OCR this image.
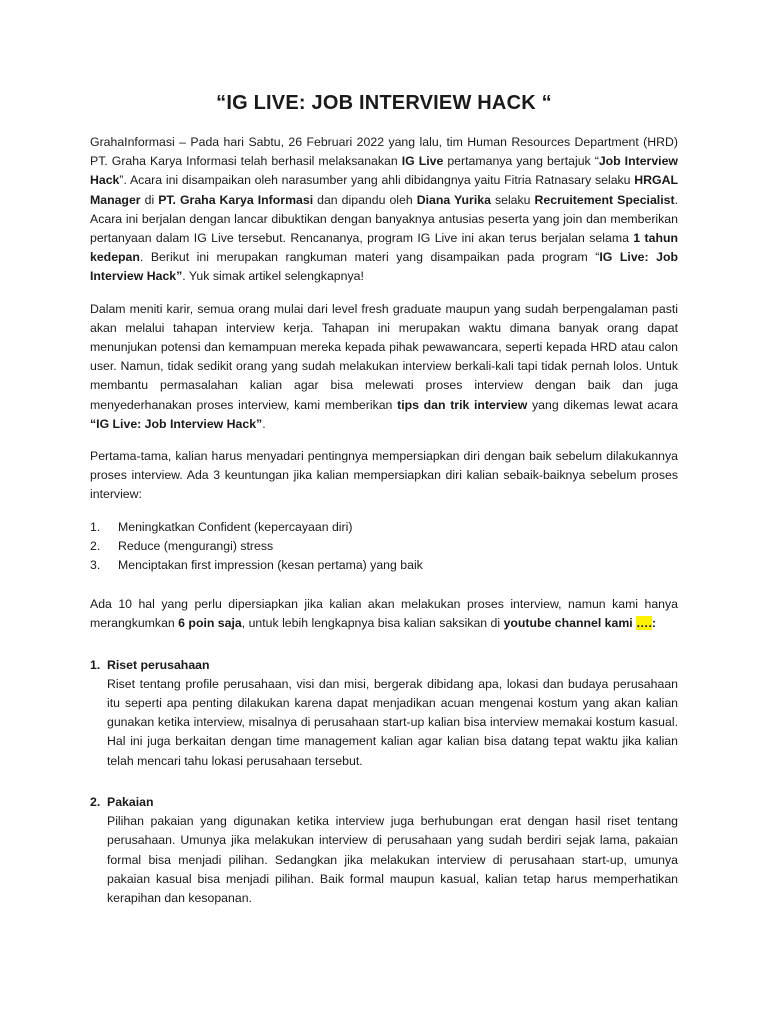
“IG LIVE: JOB INTERVIEW HACK “

GrahaInformasi – Pada hari Sabtu, 26 Februari 2022 yang lalu, tim Human Resources Department (HRD) PT. Graha Karya Informasi telah berhasil melaksanakan IG Live pertamanya yang bertajuk “Job Interview Hack”. Acara ini disampaikan oleh narasumber yang ahli dibidangnya yaitu Fitria Ratnasary selaku HRGAL Manager di PT. Graha Karya Informasi dan dipandu oleh Diana Yurika selaku Recruitement Specialist. Acara ini berjalan dengan lancar dibuktikan dengan banyaknya antusias peserta yang join dan memberikan pertanyaan dalam IG Live tersebut. Rencananya, program IG Live ini akan terus berjalan selama 1 tahun kedepan. Berikut ini merupakan rangkuman materi yang disampaikan pada program “IG Live: Job Interview Hack”. Yuk simak artikel selengkapnya!

Dalam meniti karir, semua orang mulai dari level fresh graduate maupun yang sudah berpengalaman pasti akan melalui tahapan interview kerja. Tahapan ini merupakan waktu dimana banyak orang dapat menunjukan potensi dan kemampuan mereka kepada pihak pewawancara, seperti kepada HRD atau calon user. Namun, tidak sedikit orang yang sudah melakukan interview berkali-kali tapi tidak pernah lolos. Untuk membantu permasalahan kalian agar bisa melewati proses interview dengan baik dan juga menyederhanakan proses interview, kami memberikan tips dan trik interview yang dikemas lewat acara “IG Live: Job Interview Hack”.

Pertama-tama, kalian harus menyadari pentingnya mempersiapkan diri dengan baik sebelum dilakukannya proses interview. Ada 3 keuntungan jika kalian mempersiapkan diri kalian sebaik-baiknya sebelum proses interview:

1.	Meningkatkan Confident (kepercayaan diri)
2.	Reduce (mengurangi) stress
3.	Menciptakan first impression (kesan pertama) yang baik

Ada 10 hal yang perlu dipersiapkan jika kalian akan melakukan proses interview, namun kami hanya merangkumkan 6 poin saja, untuk lebih lengkapnya bisa kalian saksikan di youtube channel kami ….:

1. Riset perusahaan

Riset tentang profile perusahaan, visi dan misi, bergerak dibidang apa, lokasi dan budaya perusahaan itu seperti apa penting dilakukan karena dapat menjadikan acuan mengenai kostum yang akan kalian gunakan ketika interview, misalnya di perusahaan start-up kalian bisa interview memakai kostum kasual. Hal ini juga berkaitan dengan time management kalian agar kalian bisa datang tepat waktu jika kalian telah mencari tahu lokasi perusahaan tersebut.

2. Pakaian

Pilihan pakaian yang digunakan ketika interview juga berhubungan erat dengan hasil riset tentang perusahaan. Umunya jika melakukan interview di perusahaan yang sudah berdiri sejak lama, pakaian formal bisa menjadi pilihan. Sedangkan jika melakukan interview di perusahaan start-up, umunya pakaian kasual bisa menjadi pilihan. Baik formal maupun kasual, kalian tetap harus memperhatikan kerapihan dan kesopanan.
